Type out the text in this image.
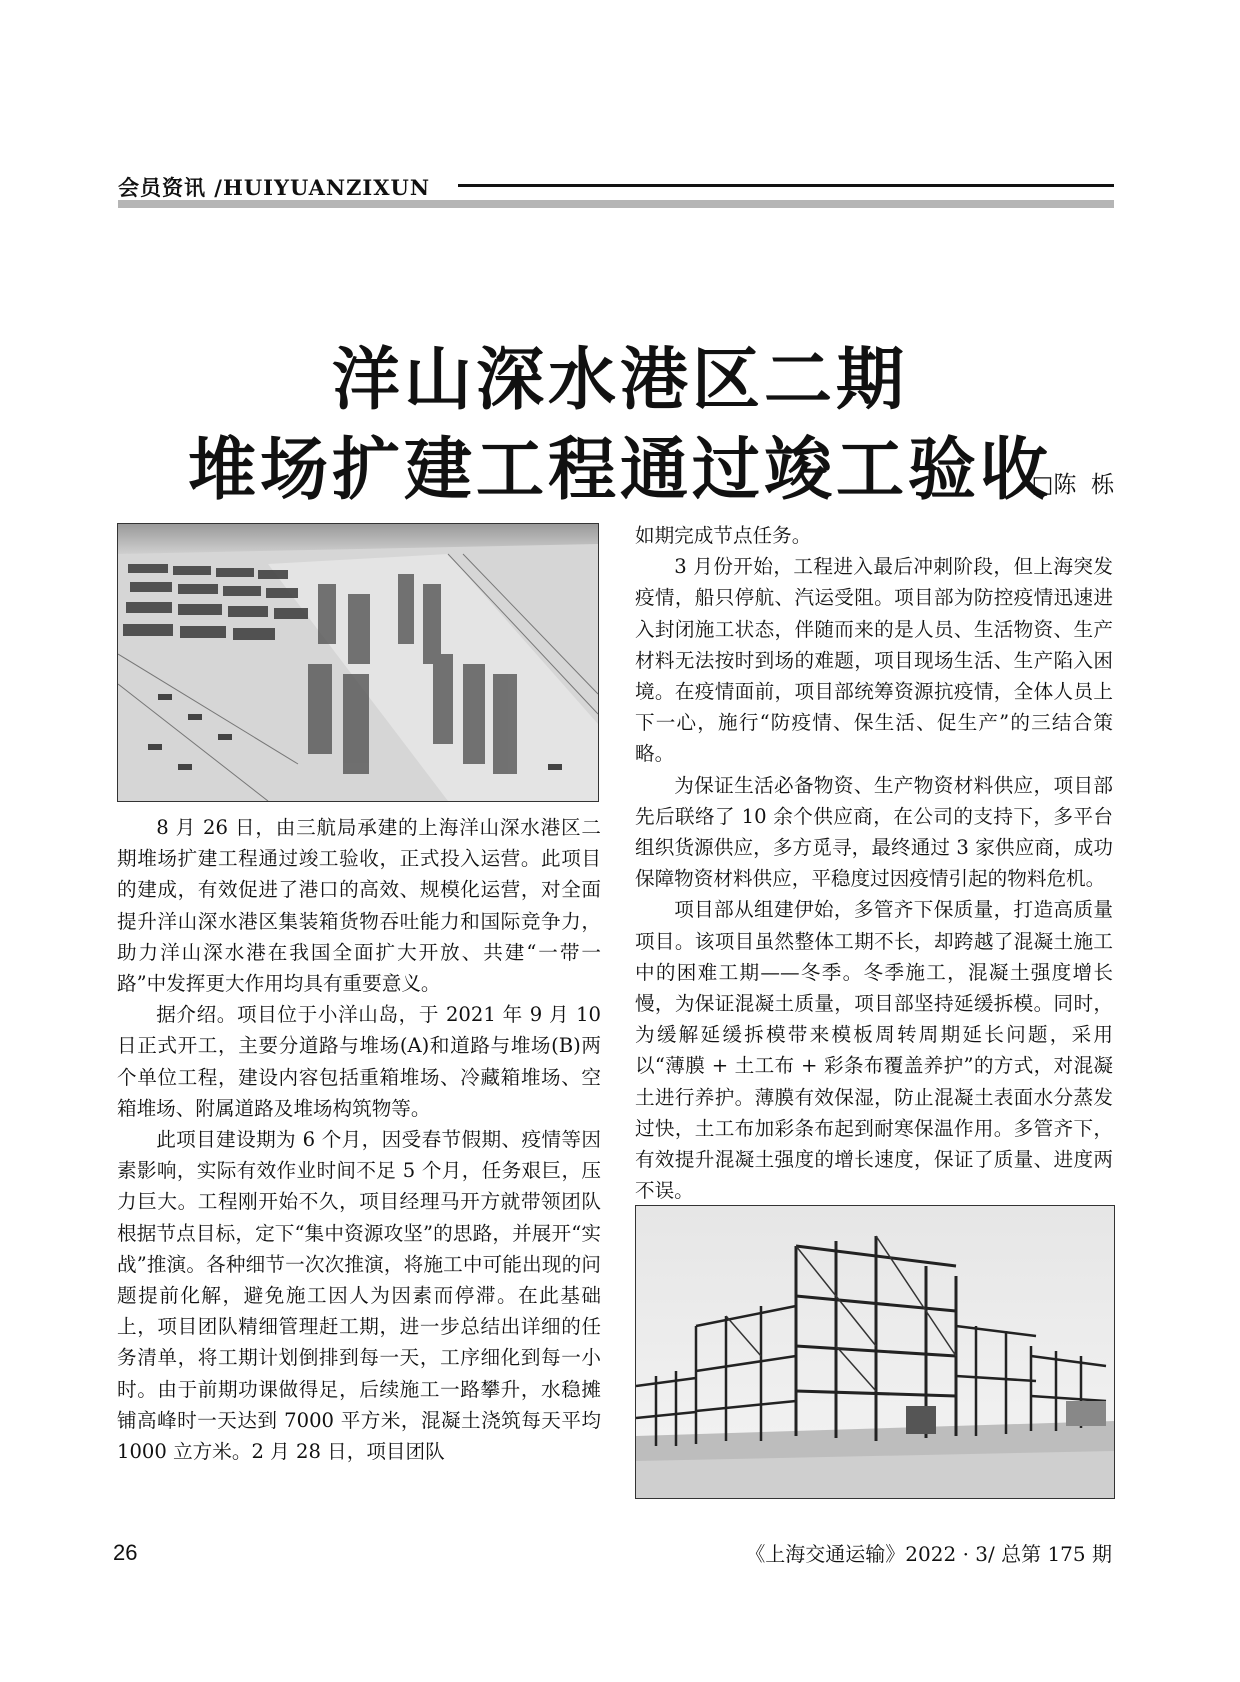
会员资讯 /HUIYUANZIXUN
洋山深水港区二期
堆场扩建工程通过竣工验收
□陈  栎

8 月 26 日，由三航局承建的上海洋山深水港区二期堆场扩建工程通过竣工验收，正式投入运营。此项目的建成，有效促进了港口的高效、规模化运营，对全面提升洋山深水港区集装箱货物吞吐能力和国际竞争力，助力洋山深水港在我国全面扩大开放、共建“一带一路”中发挥更大作用均具有重要意义。

据介绍。项目位于小洋山岛，于 2021 年 9 月 10 日正式开工，主要分道路与堆场(A)和道路与堆场(B)两个单位工程，建设内容包括重箱堆场、冷藏箱堆场、空箱堆场、附属道路及堆场构筑物等。

此项目建设期为 6 个月，因受春节假期、疫情等因素影响，实际有效作业时间不足 5 个月，任务艰巨，压力巨大。工程刚开始不久，项目经理马开方就带领团队根据节点目标，定下“集中资源攻坚”的思路，并展开“实战”推演。各种细节一次次推演，将施工中可能出现的问题提前化解，避免施工因人为因素而停滞。在此基础上，项目团队精细管理赶工期，进一步总结出详细的任务清单，将工期计划倒排到每一天，工序细化到每一小时。由于前期功课做得足，后续施工一路攀升，水稳摊铺高峰时一天达到 7000 平方米，混凝土浇筑每天平均 1000 立方米。2 月 28 日，项目团队

如期完成节点任务。

3 月份开始，工程进入最后冲刺阶段，但上海突发疫情，船只停航、汽运受阻。项目部为防控疫情迅速进入封闭施工状态，伴随而来的是人员、生活物资、生产材料无法按时到场的难题，项目现场生活、生产陷入困境。在疫情面前，项目部统筹资源抗疫情，全体人员上下一心，施行“防疫情、保生活、促生产”的三结合策略。

为保证生活必备物资、生产物资材料供应，项目部先后联络了 10 余个供应商，在公司的支持下，多平台组织货源供应，多方觅寻，最终通过 3 家供应商，成功保障物资材料供应，平稳度过因疫情引起的物料危机。

项目部从组建伊始，多管齐下保质量，打造高质量项目。该项目虽然整体工期不长，却跨越了混凝土施工中的困难工期——冬季。冬季施工，混凝土强度增长慢，为保证混凝土质量，项目部坚持延缓拆模。同时，为缓解延缓拆模带来模板周转周期延长问题，采用以“薄膜 + 土工布 + 彩条布覆盖养护”的方式，对混凝土进行养护。薄膜有效保湿，防止混凝土表面水分蒸发过快，土工布加彩条布起到耐寒保温作用。多管齐下，有效提升混凝土强度的增长速度，保证了质量、进度两不误。

26	《上海交通运输》2022 · 3/ 总第 175 期
